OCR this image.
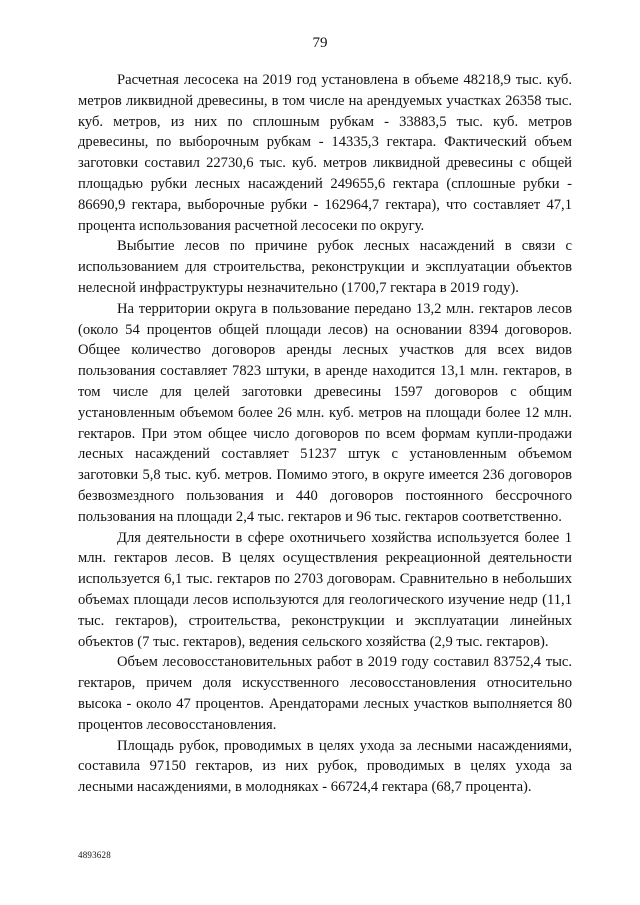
79

Расчетная лесосека на 2019 год установлена в объеме 48218,9 тыс. куб. метров ликвидной древесины, в том числе на арендуемых участках 26358 тыс. куб. метров, из них по сплошным рубкам - 33883,5 тыс. куб. метров древесины, по выборочным рубкам - 14335,3 гектара. Фактический объем заготовки составил 22730,6 тыс. куб. метров ликвидной древесины с общей площадью рубки лесных насаждений 249655,6 гектара (сплошные рубки - 86690,9 гектара, выборочные рубки - 162964,7 гектара), что составляет 47,1 процента использования расчетной лесосеки по округу.

Выбытие лесов по причине рубок лесных насаждений в связи с использованием для строительства, реконструкции и эксплуатации объектов нелесной инфраструктуры незначительно (1700,7 гектара в 2019 году).

На территории округа в пользование передано 13,2 млн. гектаров лесов (около 54 процентов общей площади лесов) на основании 8394 договоров. Общее количество договоров аренды лесных участков для всех видов пользования составляет 7823 штуки, в аренде находится 13,1 млн. гектаров, в том числе для целей заготовки древесины 1597 договоров с общим установленным объемом более 26 млн. куб. метров на площади более 12 млн. гектаров. При этом общее число договоров по всем формам купли-продажи лесных насаждений составляет 51237 штук с установленным объемом заготовки 5,8 тыс. куб. метров. Помимо этого, в округе имеется 236 договоров безвозмездного пользования и 440 договоров постоянного бессрочного пользования на площади 2,4 тыс. гектаров и 96 тыс. гектаров соответственно.

Для деятельности в сфере охотничьего хозяйства используется более 1 млн. гектаров лесов. В целях осуществления рекреационной деятельности используется 6,1 тыс. гектаров по 2703 договорам. Сравнительно в небольших объемах площади лесов используются для геологического изучение недр (11,1 тыс. гектаров), строительства, реконструкции и эксплуатации линейных объектов (7 тыс. гектаров), ведения сельского хозяйства (2,9 тыс. гектаров).

Объем лесовосстановительных работ в 2019 году составил 83752,4 тыс. гектаров, причем доля искусственного лесовосстановления относительно высока - около 47 процентов. Арендаторами лесных участков выполняется 80 процентов лесовосстановления.

Площадь рубок, проводимых в целях ухода за лесными насаждениями, составила 97150 гектаров, из них рубок, проводимых в целях ухода за лесными насаждениями, в молодняках - 66724,4 гектара (68,7 процента).

4893628
